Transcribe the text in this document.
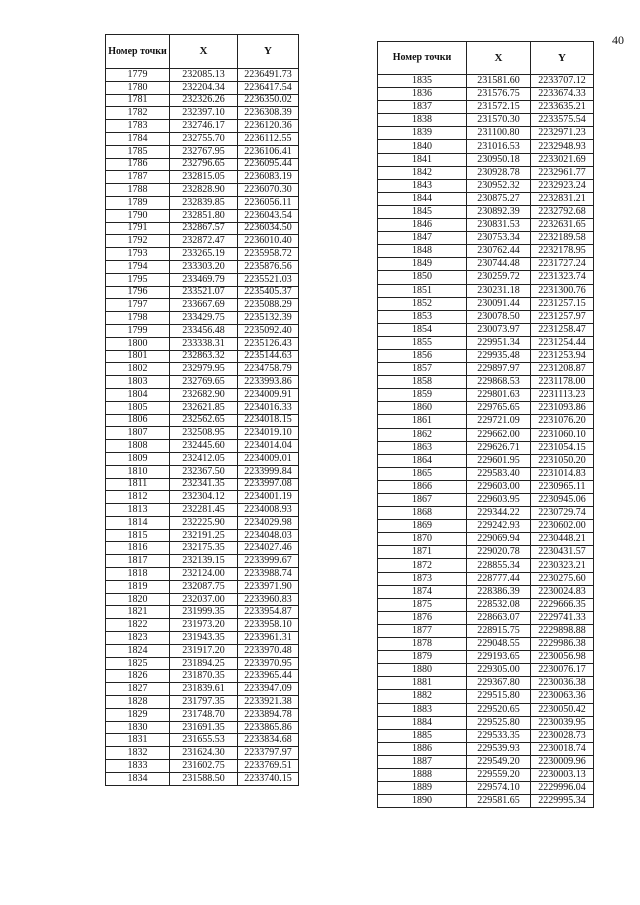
40
Номер точки	X	Y
1779	232085.13	2236491.73
1780	232204.34	2236417.54
1781	232326.26	2236350.02
1782	232397.10	2236308.39
1783	232746.17	2236120.36
1784	232755.70	2236112.55
1785	232767.95	2236106.41
1786	232796.65	2236095.44
1787	232815.05	2236083.19
1788	232828.90	2236070.30
1789	232839.85	2236056.11
1790	232851.80	2236043.54
1791	232867.57	2236034.50
1792	232872.47	2236010.40
1793	233265.19	2235958.72
1794	233303.20	2235876.56
1795	233469.79	2235521.03
1796	233521.07	2235405.37
1797	233667.69	2235088.29
1798	233429.75	2235132.39
1799	233456.48	2235092.40
1800	233338.31	2235126.43
1801	232863.32	2235144.63
1802	232979.95	2234758.79
1803	232769.65	2233993.86
1804	232682.90	2234009.91
1805	232621.85	2234016.33
1806	232562.65	2234018.15
1807	232508.95	2234019.10
1808	232445.60	2234014.04
1809	232412.05	2234009.01
1810	232367.50	2233999.84
1811	232341.35	2233997.08
1812	232304.12	2234001.19
1813	232281.45	2234008.93
1814	232225.90	2234029.98
1815	232191.25	2234048.03
1816	232175.35	2234027.46
1817	232139.15	2233999.67
1818	232124.00	2233988.74
1819	232087.75	2233971.90
1820	232037.00	2233960.83
1821	231999.35	2233954.87
1822	231973.20	2233958.10
1823	231943.35	2233961.31
1824	231917.20	2233970.48
1825	231894.25	2233970.95
1826	231870.35	2233965.44
1827	231839.61	2233947.09
1828	231797.35	2233921.38
1829	231748.70	2233894.78
1830	231691.35	2233865.86
1831	231655.53	2233834.68
1832	231624.30	2233797.97
1833	231602.75	2233769.51
1834	231588.50	2233740.15
Номер точки	X	Y
1835	231581.60	2233707.12
1836	231576.75	2233674.33
1837	231572.15	2233635.21
1838	231570.30	2233575.54
1839	231100.80	2232971.23
1840	231016.53	2232948.93
1841	230950.18	2233021.69
1842	230928.78	2232961.77
1843	230952.32	2232923.24
1844	230875.27	2232831.21
1845	230892.39	2232792.68
1846	230831.53	2232631.65
1847	230753.34	2232189.58
1848	230762.44	2232178.95
1849	230744.48	2231727.24
1850	230259.72	2231323.74
1851	230231.18	2231300.76
1852	230091.44	2231257.15
1853	230078.50	2231257.97
1854	230073.97	2231258.47
1855	229951.34	2231254.44
1856	229935.48	2231253.94
1857	229897.97	2231208.87
1858	229868.53	2231178.00
1859	229801.63	2231113.23
1860	229765.65	2231093.86
1861	229721.09	2231076.20
1862	229662.00	2231060.10
1863	229626.71	2231054.15
1864	229601.95	2231050.20
1865	229583.40	2231014.83
1866	229603.00	2230965.11
1867	229603.95	2230945.06
1868	229344.22	2230729.74
1869	229242.93	2230602.00
1870	229069.94	2230448.21
1871	229020.78	2230431.57
1872	228855.34	2230323.21
1873	228777.44	2230275.60
1874	228386.39	2230024.83
1875	228532.08	2229666.35
1876	228663.07	2229741.33
1877	228915.75	2229898.88
1878	229048.55	2229986.38
1879	229193.65	2230056.98
1880	229305.00	2230076.17
1881	229367.80	2230036.38
1882	229515.80	2230063.36
1883	229520.65	2230050.42
1884	229525.80	2230039.95
1885	229533.35	2230028.73
1886	229539.93	2230018.74
1887	229549.20	2230009.96
1888	229559.20	2230003.13
1889	229574.10	2229996.04
1890	229581.65	2229995.34
